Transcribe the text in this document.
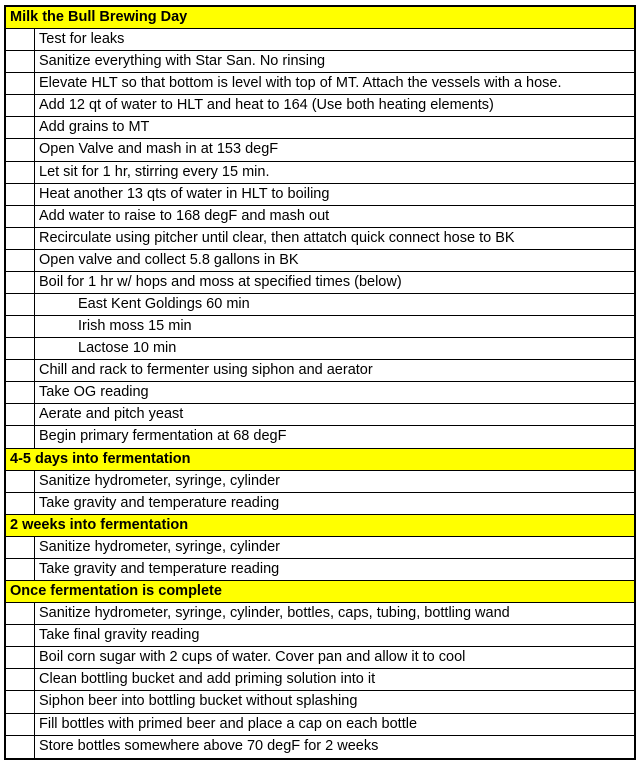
Milk the Bull Brewing Day
Test for leaks
Sanitize everything with Star San. No rinsing
Elevate HLT so that bottom is level with top of MT. Attach the vessels with a hose.
Add 12 qt of water to HLT and heat to 164 (Use both heating elements)
Add grains to MT
Open Valve and mash in at 153 degF
Let sit for 1 hr, stirring every 15 min.
Heat another 13 qts of water in HLT to boiling
Add water to raise to 168 degF and mash out
Recirculate using pitcher until clear, then attatch quick connect hose to BK
Open valve and collect 5.8 gallons in BK
Boil for 1 hr w/ hops and moss at specified times (below)
East Kent Goldings 60 min
Irish moss 15 min
Lactose 10 min
Chill and rack to fermenter using siphon and aerator
Take OG reading
Aerate and pitch yeast
Begin primary fermentation at 68 degF
4-5 days into fermentation
Sanitize hydrometer, syringe, cylinder
Take gravity and temperature reading
2 weeks into fermentation
Sanitize hydrometer, syringe, cylinder
Take gravity and temperature reading
Once fermentation is complete
Sanitize hydrometer, syringe, cylinder, bottles, caps, tubing, bottling wand
Take final gravity reading
Boil corn sugar with 2 cups of water. Cover pan and allow it to cool
Clean bottling bucket and add priming solution into it
Siphon beer into bottling bucket without splashing
Fill bottles with primed beer and place a cap on each bottle
Store bottles somewhere above 70 degF for 2 weeks
